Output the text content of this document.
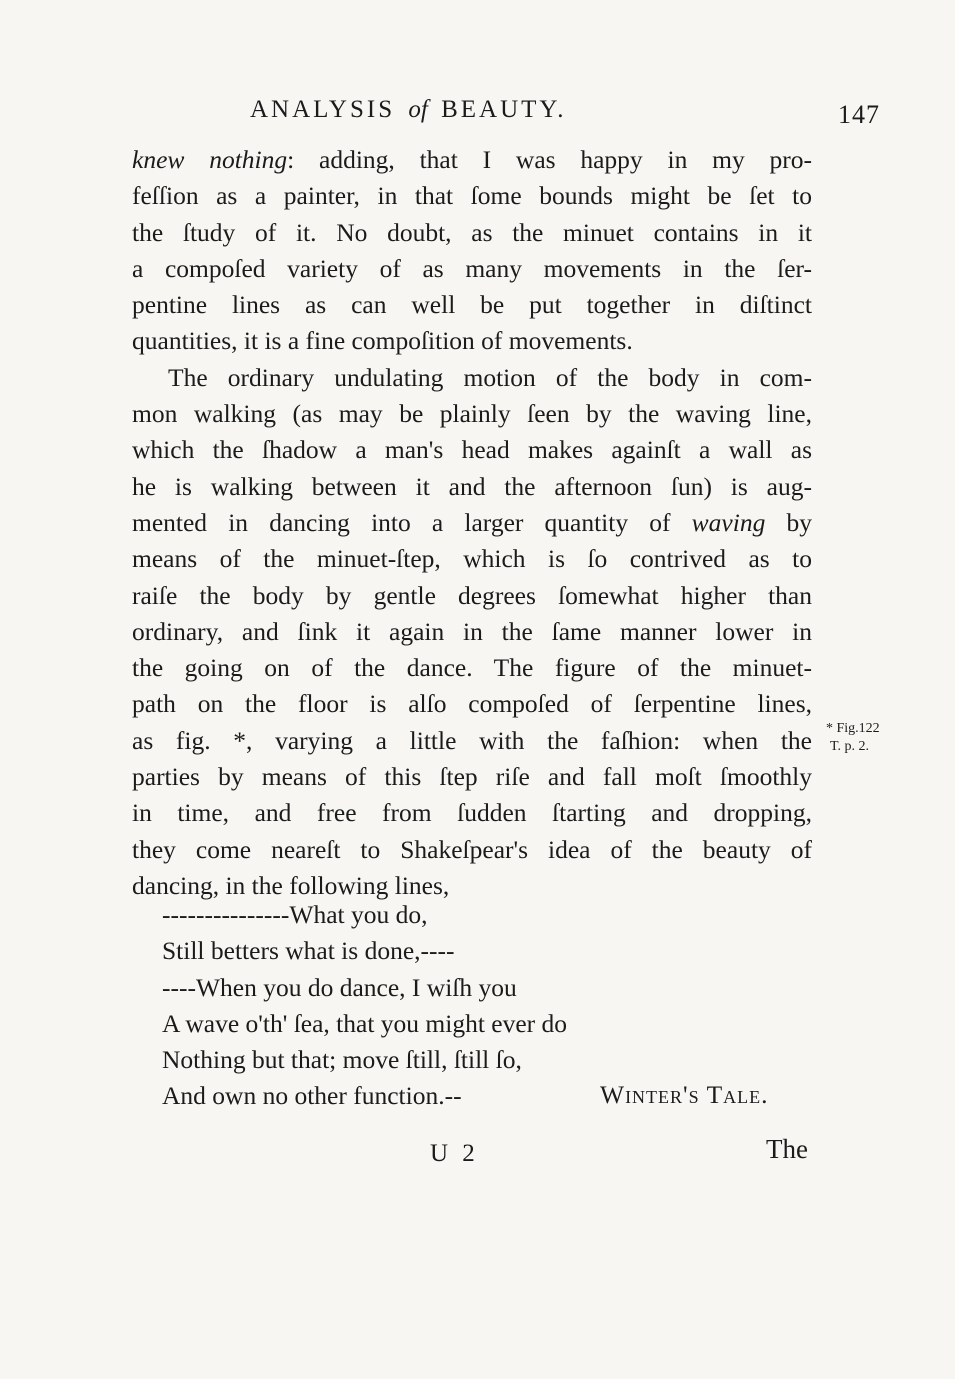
ANALYSIS of BEAUTY.	147
knew nothing: adding, that I was happy in my pro-
feſſion as a painter, in that ſome bounds might be ſet to
the ſtudy of it. No doubt, as the minuet contains in it
a compoſed variety of as many movements in the ſer-
pentine lines as can well be put together in diſtinct
quantities, it is a fine compoſition of movements.
The ordinary undulating motion of the body in com-
mon walking (as may be plainly ſeen by the waving line,
which the ſhadow a man's head makes againſt a wall as
he is walking between it and the afternoon ſun) is aug-
mented in dancing into a larger quantity of waving by
means of the minuet-ſtep, which is ſo contrived as to
raiſe the body by gentle degrees ſomewhat higher than
ordinary, and ſink it again in the ſame manner lower in
the going on of the dance. The figure of the minuet-
path on the floor is alſo compoſed of ſerpentine lines,
as fig. *, varying a little with the faſhion: when the
parties by means of this ſtep riſe and fall moſt ſmoothly
in time, and free from ſudden ſtarting and dropping,
they come neareſt to Shakeſpear's idea of the beauty of
dancing, in the following lines,
* Fig.122
T. p. 2.
---------------What you do,
Still betters what is done,----
----When you do dance, I wiſh you
A wave o'th' ſea, that you might ever do
Nothing but that; move ſtill, ſtill ſo,
And own no other function.--	Winter's Tale.
U 2	The
